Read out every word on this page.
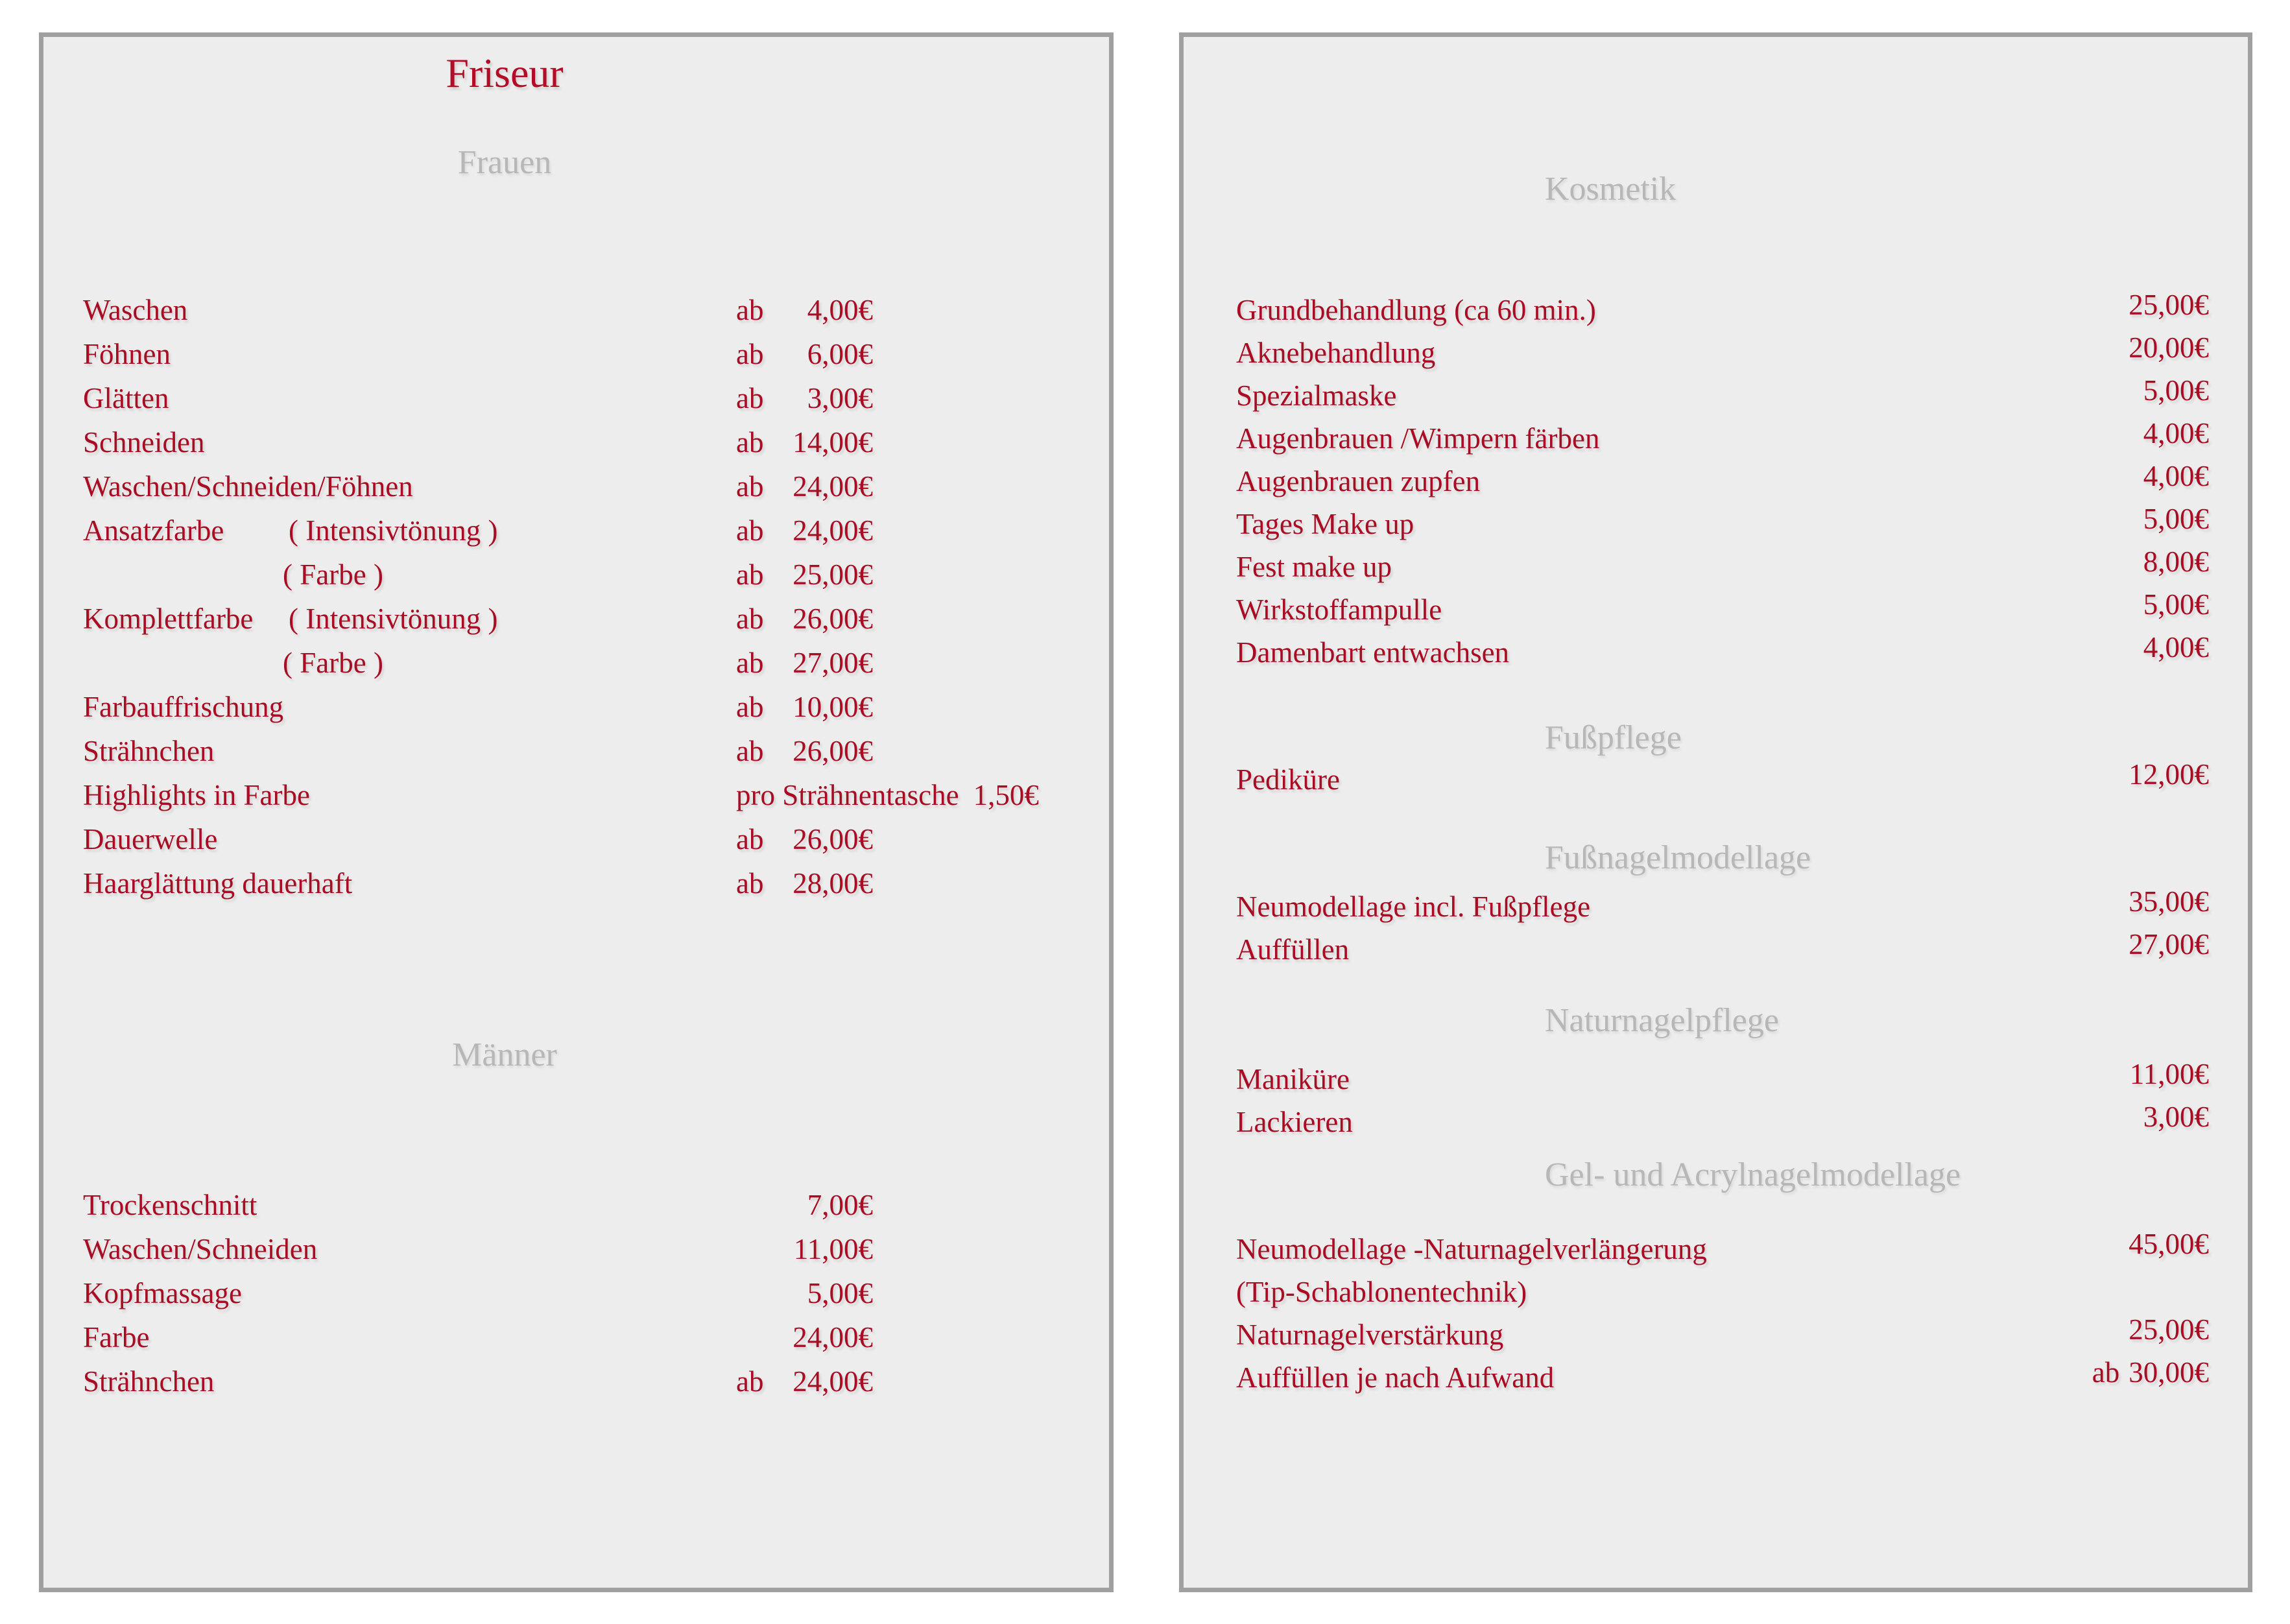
Friseur
Frauen
Waschen	ab	4,00€
Föhnen	ab	6,00€
Glätten	ab	3,00€
Schneiden	ab 14,00€
Waschen/Schneiden/Föhnen	ab 24,00€
Ansatzfarbe ( Intensivtönung )	ab 24,00€
( Farbe )	ab 25,00€
Komplettfarbe ( Intensivtönung )	ab 26,00€
( Farbe )	ab 27,00€
Farbauffrischung	ab 10,00€
Strähnchen	ab 26,00€
Highlights in Farbe	pro Strähnentasche 1,50€
Dauerwelle	ab 26,00€
Haarglättung dauerhaft	ab 28,00€
Männer
Trockenschnitt	7,00€
Waschen/Schneiden	11,00€
Kopfmassage	5,00€
Farbe	24,00€
Strähnchen	ab 24,00€
Kosmetik
Grundbehandlung (ca 60 min.)	25,00€
Aknebehandlung	20,00€
Spezialmaske	5,00€
Augenbrauen /Wimpern färben	4,00€
Augenbrauen zupfen	4,00€
Tages Make up	5,00€
Fest make up	8,00€
Wirkstoffampulle	5,00€
Damenbart entwachsen	4,00€
Fußpflege
Pediküre	12,00€
Fußnagelmodellage
Neumodellage incl. Fußpflege	35,00€
Auffüllen	27,00€
Naturnagelpflege
Maniküre	11,00€
Lackieren	3,00€
Gel- und Acrylnagelmodellage
Neumodellage -Naturnagelverlängerung	45,00€
(Tip-Schablonentechnik)
Naturnagelverstärkung	25,00€
Auffüllen je nach Aufwand	ab 30,00€
